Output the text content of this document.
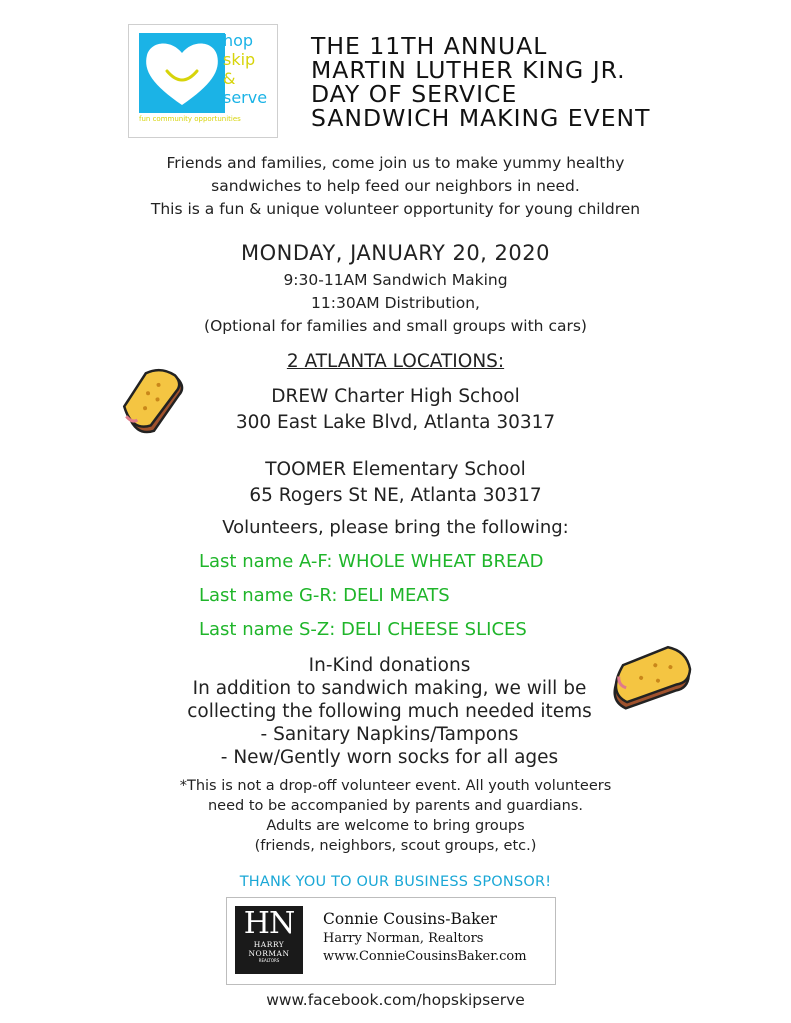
hop
skip
&
serve
fun community opportunities
THE 11TH ANNUAL
MARTIN LUTHER KING JR.
DAY OF SERVICE
SANDWICH MAKING EVENT
Friends and families, come join us to make yummy healthy
sandwiches to help feed our neighbors in need.
This is a fun & unique volunteer opportunity for young children
MONDAY, JANUARY 20, 2020
9:30-11AM Sandwich Making
11:30AM Distribution,
(Optional for families and small groups with cars)
2 ATLANTA LOCATIONS:
DREW Charter High School
300 East Lake Blvd, Atlanta 30317
TOOMER Elementary School
65 Rogers St NE, Atlanta 30317
Volunteers, please bring the following:
Last name A-F: WHOLE WHEAT BREAD
Last name G-R: DELI MEATS
Last name S-Z: DELI CHEESE SLICES
In-Kind donations
In addition to sandwich making, we will be
collecting the following much needed items
- Sanitary Napkins/Tampons
- New/Gently worn socks for all ages
*This is not a drop-off volunteer event. All youth volunteers
need to be accompanied by parents and guardians.
Adults are welcome to bring groups
(friends, neighbors, scout groups, etc.)
THANK YOU TO OUR BUSINESS SPONSOR!
HN
HARRY
NORMAN
REALTORS
Connie Cousins-Baker
Harry Norman, Realtors
www.ConnieCousinsBaker.com
www.facebook.com/hopskipserve
